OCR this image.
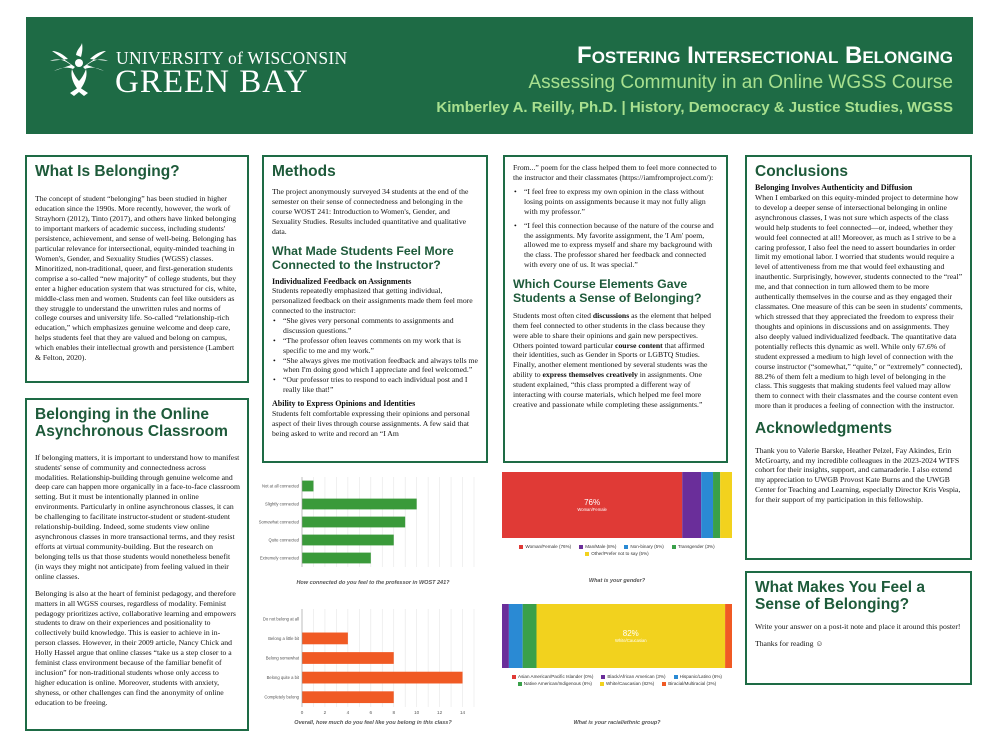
UNIVERSITY of WISCONSIN
GREEN BAY
Fostering Intersectional Belonging
Assessing Community in an Online WGSS Course
Kimberley A. Reilly, Ph.D. | History, Democracy & Justice Studies, WGSS
What Is Belonging?
The concept of student “belonging” has been studied in higher education since the 1990s. More recently, however, the work of Strayhorn (2012), Tinto (2017), and others have linked belonging to important markers of academic success, including students' persistence, achievement, and sense of well-being. Belonging has particular relevance for intersectional, equity-minded teaching in Women's, Gender, and Sexuality Studies (WGSS) classes. Minoritized, non-traditional, queer, and first-generation students comprise a so-called “new majority” of college students, but they enter a higher education system that was structured for cis, white, middle-class men and women. Students can feel like outsiders as they struggle to understand the unwritten rules and norms of college courses and university life. So-called “relationship-rich education,” which emphasizes genuine welcome and deep care, helps students feel that they are valued and belong on campus, which enables their intellectual growth and persistence (Lambert & Felton, 2020).
Belonging in the Online Asynchronous Classroom
If belonging matters, it is important to understand how to manifest students' sense of community and connectedness across modalities. Relationship-building through genuine welcome and deep care can happen more organically in a face-to-face classroom setting. But it must be intentionally planned in online environments. Particularly in online asynchronous classes, it can be challenging to facilitate instructor-student or student-student relationship-building. Indeed, some students view online asynchronous classes in more transactional terms, and they resist efforts at virtual community-building. But the research on belonging tells us that those students would nonetheless benefit (in ways they might not anticipate) from feeling valued in their online classes.
Belonging is also at the heart of feminist pedagogy, and therefore matters in all WGSS courses, regardless of modality. Feminist pedagogy prioritizes active, collaborative learning and empowers students to draw on their experiences and positionality to collectively build knowledge. This is easier to achieve in in-person classes. However, in their 2009 article, Nancy Chick and Holly Hassel argue that online classes “take us a step closer to a feminist class environment because of the familiar benefit of inclusion” for non-traditional students whose only access to higher education is online. Moreover, students with anxiety, shyness, or other challenges can find the anonymity of online education to be freeing.
Methods
The project anonymously surveyed 34 students at the end of the semester on their sense of connectedness and belonging in the course WOST 241: Introduction to Women's, Gender, and Sexuality Studies. Results included quantitative and qualitative data.
What Made Students Feel More Connected to the Instructor?
Individualized Feedback on Assignments
Students repeatedly emphasized that getting individual, personalized feedback on their assignments made them feel more connected to the instructor:
• “She gives very personal comments to assignments and discussion questions.”
• “The professor often leaves comments on my work that is specific to me and my work.”
• “She always gives me motivation feedback and always tells me when I'm doing good which I appreciate and feel welcomed.”
• “Our professor tries to respond to each individual post and I really like that!”
Ability to Express Opinions and Identities
Students felt comfortable expressing their opinions and personal aspect of their lives through course assignments. A few said that being asked to write and record an “I Am
From...” poem for the class helped them to feel more connected to the instructor and their classmates (https://iamfromproject.com/):
• “I feel free to express my own opinion in the class without losing points on assignments because it may not fully align with my professor.”
• “I feel this connection because of the nature of the course and the assignments. My favorite assignment, the 'I Am' poem, allowed me to express myself and share my background with the class. The professor shared her feedback and connected with every one of us. It was special.”
Which Course Elements Gave Students a Sense of Belonging?
Students most often cited discussions as the element that helped them feel connected to other students in the class because they were able to share their opinions and gain new perspectives. Others pointed toward particular course content that affirmed their identities, such as Gender in Sports or LGBTQ Studies. Finally, another element mentioned by several students was the ability to express themselves creatively in assignments. One student explained, “this class prompted a different way of interacting with course materials, which helped me feel more creative and passionate while completing these assignments.”
Conclusions
Belonging Involves Authenticity and Diffusion
When I embarked on this equity-minded project to determine how to develop a deeper sense of intersectional belonging in online asynchronous classes, I was not sure which aspects of the class would help students to feel connected—or, indeed, whether they would feel connected at all! Moreover, as much as I strive to be a caring professor, I also feel the need to assert boundaries in order limit my emotional labor. I worried that students would require a level of attentiveness from me that would feel exhausting and inauthentic. Surprisingly, however, students connected to the “real” me, and that connection in turn allowed them to be more authentically themselves in the course and as they engaged their classmates. One measure of this can be seen in students' comments, which stressed that they appreciated the freedom to express their thoughts and opinions in discussions and on assignments. They also deeply valued individualized feedback. The quantitative data potentially reflects this dynamic as well. While only 67.6% of student expressed a medium to high level of connection with the course instructor (“somewhat,” “quite,” or “extremely” connected), 88.2% of them felt a medium to high level of belonging in the class. This suggests that making students feel valued may allow them to connect with their classmates and the course content even more than it produces a feeling of connection with the instructor.
Acknowledgments
Thank you to Valerie Barske, Heather Pelzel, Fay Akindes, Erin McGroarty, and my incredible colleagues in the 2023-2024 WTFS cohort for their insights, support, and camaraderie. I also extend my appreciation to UWGB Provost Kate Burns and the UWGB Center for Teaching and Learning, especially Director Kris Vespia, for their support of my participation in this fellowship.
What Makes You Feel a Sense of Belonging?
Write your answer on a post-it note and place it around this poster!
Thanks for reading ☺
Not at all connected
Slightly connected
Somewhat connected
Quite connected
Extremely connected
How connected do you feel to the professor in WOST 241?
0	2	4	6	8	10	12	14
Do not belong at all
Belong a little bit
Belong somewhat
Belong quite a bit
Completely belong
Overall, how much do you feel like you belong in this class?
76%
Woman/Female
Woman/Female (76%)	Man/Male (8%)	Non-binary (5%)	Transgender (3%)
Other/Prefer not to say (5%)
What is your gender?
82%
White/Caucasian
Asian American/Pacific Islander (0%)	Black/African American (3%)	Hispanic/Latino (6%)
Native American/Indigenous (6%)	White/Caucasian (82%)	Biracial/Multiracial (3%)
What is your racial/ethnic group?
